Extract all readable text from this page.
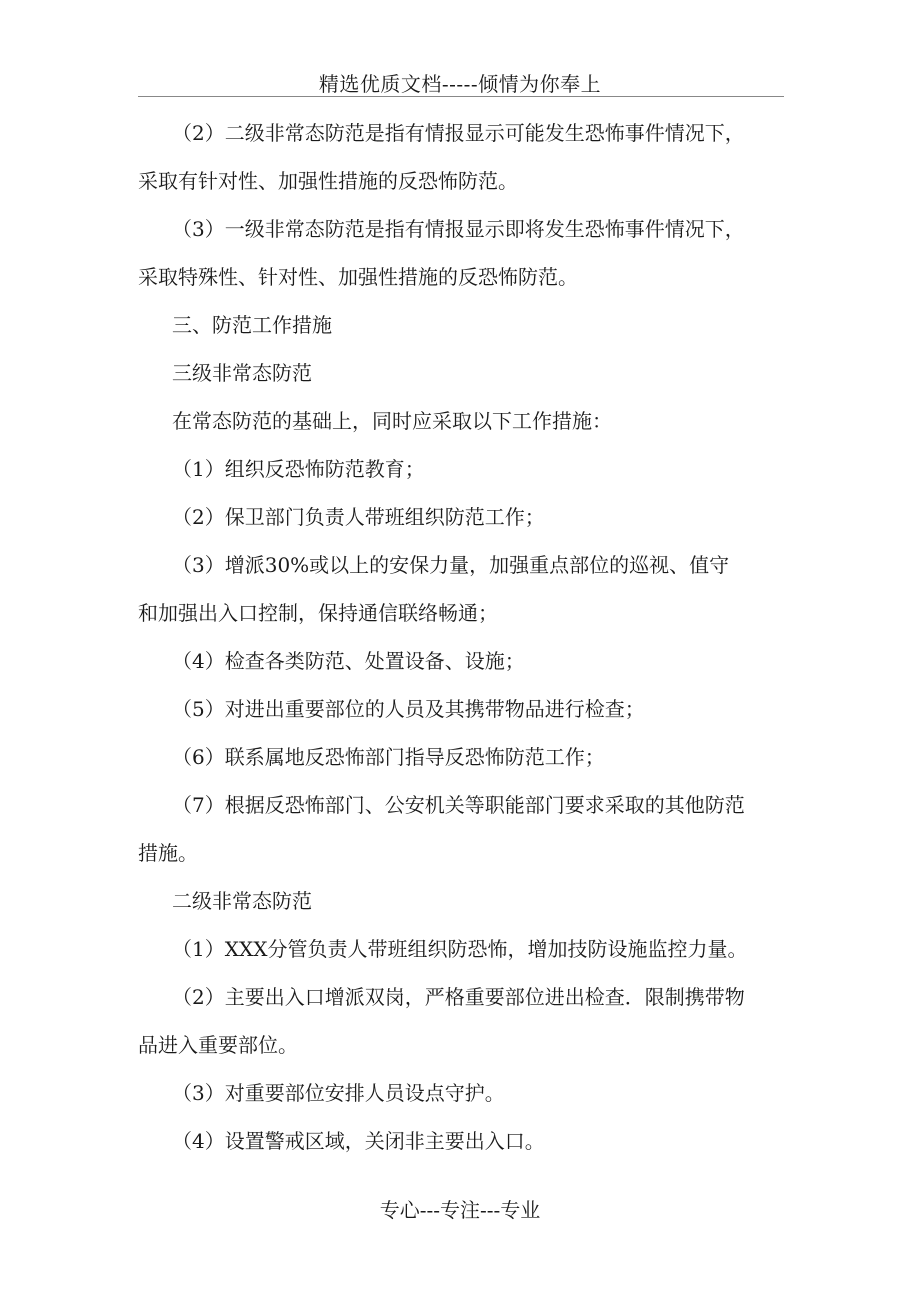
精选优质文档-----倾情为你奉上
（2）二级非常态防范是指有情报显示可能发生恐怖事件情况下，
采取有针对性、加强性措施的反恐怖防范。
（3）一级非常态防范是指有情报显示即将发生恐怖事件情况下，
采取特殊性、针对性、加强性措施的反恐怖防范。
三、防范工作措施
三级非常态防范
在常态防范的基础上，同时应采取以下工作措施：
（1）组织反恐怖防范教育；
（2）保卫部门负责人带班组织防范工作；
（3）增派30%或以上的安保力量，加强重点部位的巡视、值守
和加强出入口控制，保持通信联络畅通；
（4）检查各类防范、处置设备、设施；
（5）对进出重要部位的人员及其携带物品进行检查；
（6）联系属地反恐怖部门指导反恐怖防范工作；
（7）根据反恐怖部门、公安机关等职能部门要求采取的其他防范
措施。
二级非常态防范
（1）XXX分管负责人带班组织防恐怖，增加技防设施监控力量。
（2）主要出入口增派双岗，严格重要部位进出检查．限制携带物
品进入重要部位。
（3）对重要部位安排人员设点守护。
（4）设置警戒区域，关闭非主要出入口。
专心---专注---专业
